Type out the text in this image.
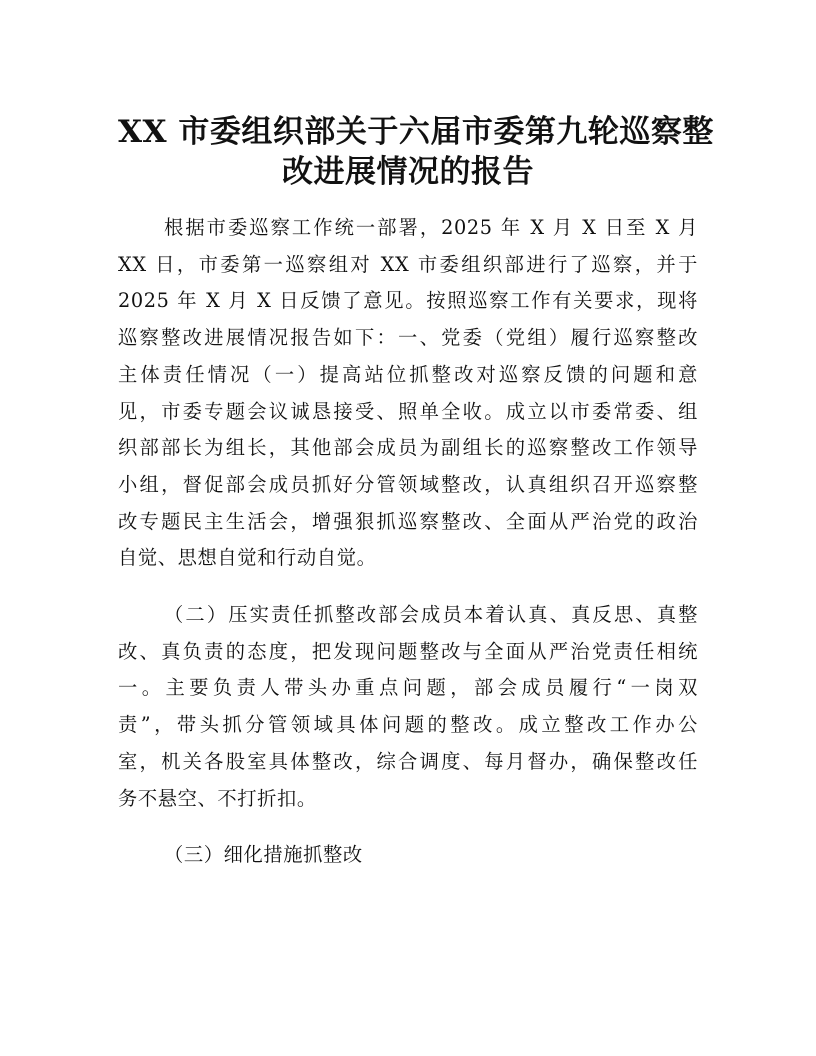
XX 市委组织部关于六届市委第九轮巡察整
改进展情况的报告

根据市委巡察工作统一部署，2025 年 X 月 X 日至 X 月
XX 日，市委第一巡察组对 XX 市委组织部进行了巡察，并于
2025 年 X 月 X 日反馈了意见。按照巡察工作有关要求，现将
巡察整改进展情况报告如下：一、党委（党组）履行巡察整改
主体责任情况（一）提高站位抓整改对巡察反馈的问题和意
见，市委专题会议诚恳接受、照单全收。成立以市委常委、组
织部部长为组长，其他部会成员为副组长的巡察整改工作领导
小组，督促部会成员抓好分管领域整改，认真组织召开巡察整
改专题民主生活会，增强狠抓巡察整改、全面从严治党的政治
自觉、思想自觉和行动自觉。

（二）压实责任抓整改部会成员本着认真、真反思、真整
改、真负责的态度，把发现问题整改与全面从严治党责任相统
一。主要负责人带头办重点问题，部会成员履行“一岗双
责”，带头抓分管领域具体问题的整改。成立整改工作办公
室，机关各股室具体整改，综合调度、每月督办，确保整改任
务不悬空、不打折扣。

（三）细化措施抓整改
